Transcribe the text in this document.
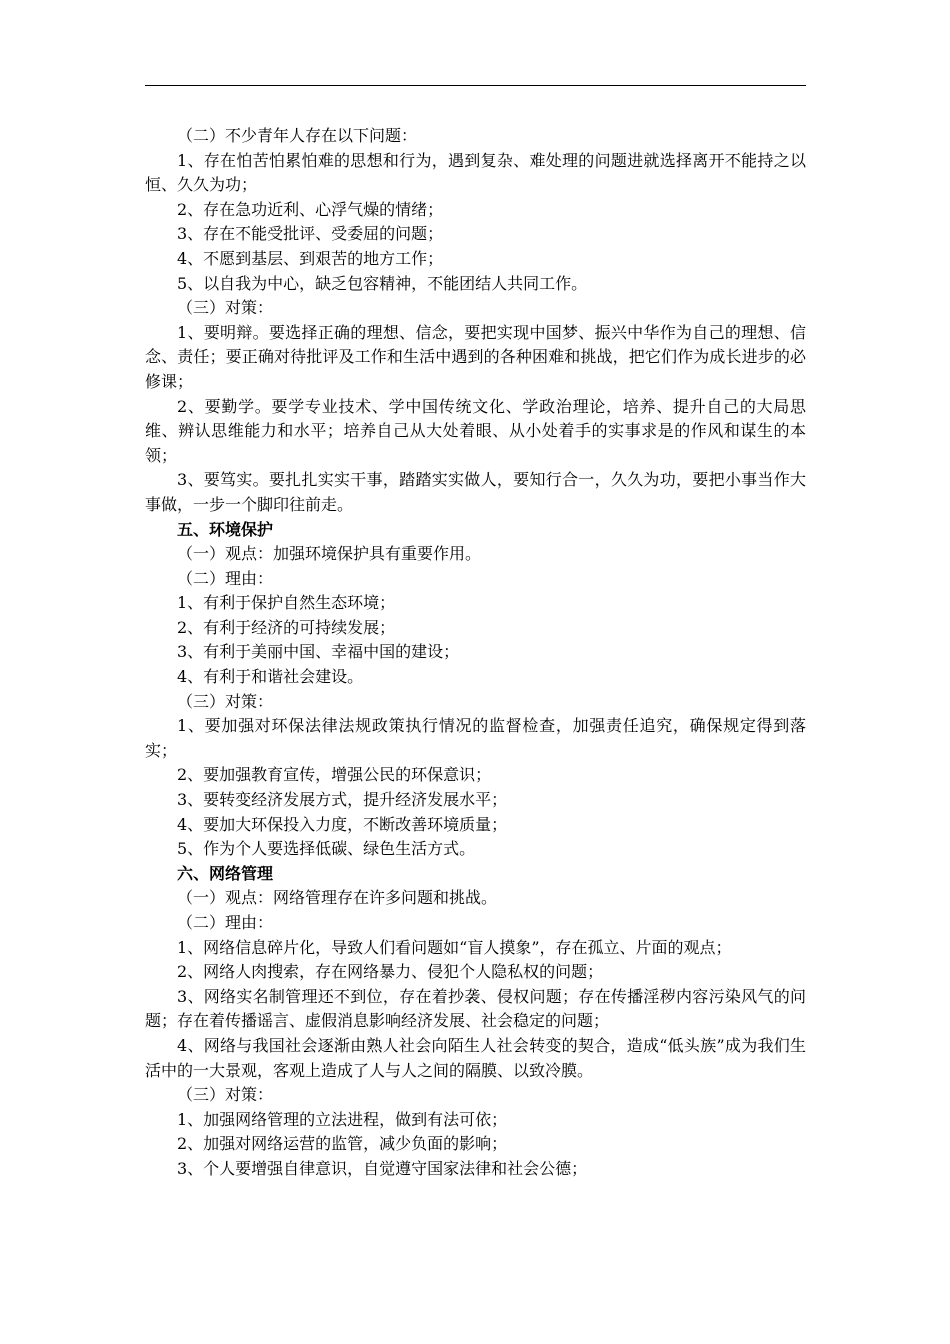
（二）不少青年人存在以下问题：

1、存在怕苦怕累怕难的思想和行为，遇到复杂、难处理的问题进就选择离开不能持之以恒、久久为功；

2、存在急功近利、心浮气燥的情绪；

3、存在不能受批评、受委屈的问题；

4、不愿到基层、到艰苦的地方工作；

5、以自我为中心，缺乏包容精神，不能团结人共同工作。

（三）对策：

1、要明辩。要选择正确的理想、信念，要把实现中国梦、振兴中华作为自己的理想、信念、责任；要正确对待批评及工作和生活中遇到的各种困难和挑战，把它们作为成长进步的必修课；

2、要勤学。要学专业技术、学中国传统文化、学政治理论，培养、提升自己的大局思维、辨认思维能力和水平；培养自己从大处着眼、从小处着手的实事求是的作风和谋生的本领；

3、要笃实。要扎扎实实干事，踏踏实实做人，要知行合一，久久为功，要把小事当作大事做，一步一个脚印往前走。

五、环境保护

（一）观点：加强环境保护具有重要作用。

（二）理由：

1、有利于保护自然生态环境；

2、有利于经济的可持续发展；

3、有利于美丽中国、幸福中国的建设；

4、有利于和谐社会建设。

（三）对策：

1、要加强对环保法律法规政策执行情况的监督检查，加强责任追究，确保规定得到落实；

2、要加强教育宣传，增强公民的环保意识；

3、要转变经济发展方式，提升经济发展水平；

4、要加大环保投入力度，不断改善环境质量；

5、作为个人要选择低碳、绿色生活方式。

六、网络管理

（一）观点：网络管理存在许多问题和挑战。

（二）理由：

1、网络信息碎片化，导致人们看问题如“盲人摸象”，存在孤立、片面的观点；

2、网络人肉搜索，存在网络暴力、侵犯个人隐私权的问题；

3、网络实名制管理还不到位，存在着抄袭、侵权问题；存在传播淫秽内容污染风气的问题；存在着传播谣言、虚假消息影响经济发展、社会稳定的问题；

4、网络与我国社会逐渐由熟人社会向陌生人社会转变的契合，造成“低头族”成为我们生活中的一大景观，客观上造成了人与人之间的隔膜、以致冷膜。

（三）对策：

1、加强网络管理的立法进程，做到有法可依；

2、加强对网络运营的监管，减少负面的影响；

3、个人要增强自律意识，自觉遵守国家法律和社会公德；
